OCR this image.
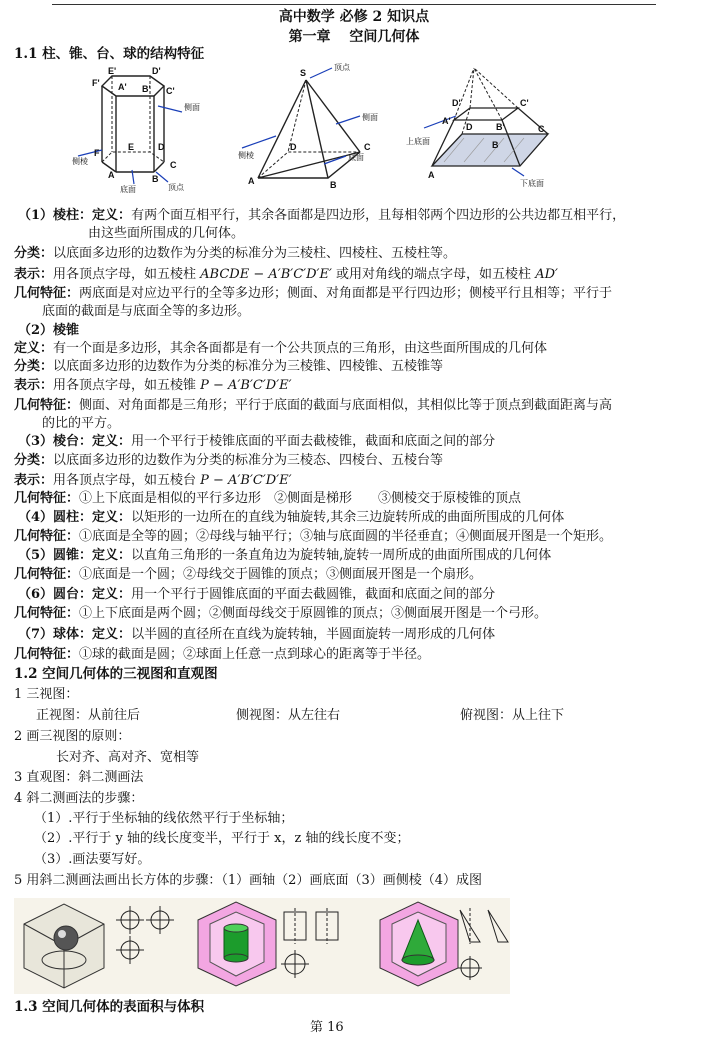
高中数学 必修 2 知识点
第一章　 空间几何体
1.1 柱、锥、台、球的结构特征
E'	D'
F' A' B' C'
F
E	D
A	B
C
侧面
侧棱
底面	顶点
S
A	B
C
D
顶点
侧面
侧棱	底面
D'	C'
A'
B'
D	C
A
B
上底面
下底面
（1）棱柱：定义：有两个面互相平行，其余各面都是四边形，且每相邻两个四边形的公共边都互相平行，
由这些面所围成的几何体。
分类：以底面多边形的边数作为分类的标准分为三棱柱、四棱柱、五棱柱等。
表示：用各顶点字母，如五棱柱 ABCDE − A′B′C′D′E′ 或用对角线的端点字母，如五棱柱 AD′
几何特征：两底面是对应边平行的全等多边形；侧面、对角面都是平行四边形；侧棱平行且相等；平行于
底面的截面是与底面全等的多边形。
（2）棱锥
定义：有一个面是多边形，其余各面都是有一个公共顶点的三角形，由这些面所围成的几何体
分类：以底面多边形的边数作为分类的标准分为三棱锥、四棱锥、五棱锥等
表示：用各顶点字母，如五棱锥 P − A′B′C′D′E′
几何特征：侧面、对角面都是三角形；平行于底面的截面与底面相似，其相似比等于顶点到截面距离与高
的比的平方。
（3）棱台：定义：用一个平行于棱锥底面的平面去截棱锥，截面和底面之间的部分
分类：以底面多边形的边数作为分类的标准分为三棱态、四棱台、五棱台等
表示：用各顶点字母，如五棱台 P − A′B′C′D′E′
几何特征：①上下底面是相似的平行多边形　②侧面是梯形　　③侧棱交于原棱锥的顶点
（4）圆柱：定义：以矩形的一边所在的直线为轴旋转,其余三边旋转所成的曲面所围成的几何体
几何特征：①底面是全等的圆；②母线与轴平行；③轴与底面圆的半径垂直；④侧面展开图是一个矩形。
（5）圆锥：定义：以直角三角形的一条直角边为旋转轴,旋转一周所成的曲面所围成的几何体
几何特征：①底面是一个圆；②母线交于圆锥的顶点；③侧面展开图是一个扇形。
（6）圆台：定义：用一个平行于圆锥底面的平面去截圆锥，截面和底面之间的部分
几何特征：①上下底面是两个圆；②侧面母线交于原圆锥的顶点；③侧面展开图是一个弓形。
（7）球体：定义：以半圆的直径所在直线为旋转轴，半圆面旋转一周形成的几何体
几何特征：①球的截面是圆；②球面上任意一点到球心的距离等于半径。
1.2 空间几何体的三视图和直观图
1 三视图：
正视图：从前往后	侧视图：从左往右	俯视图：从上往下
2 画三视图的原则：
长对齐、高对齐、宽相等
3 直观图：斜二测画法
4 斜二测画法的步骤：
（1）.平行于坐标轴的线依然平行于坐标轴；
（2）.平行于 y 轴的线长度变半，平行于 x，z 轴的线长度不变；
（3）.画法要写好。
5 用斜二测画法画出长方体的步骤：（1）画轴（2）画底面（3）画侧棱（4）成图
1.3 空间几何体的表面积与体积
第 16
